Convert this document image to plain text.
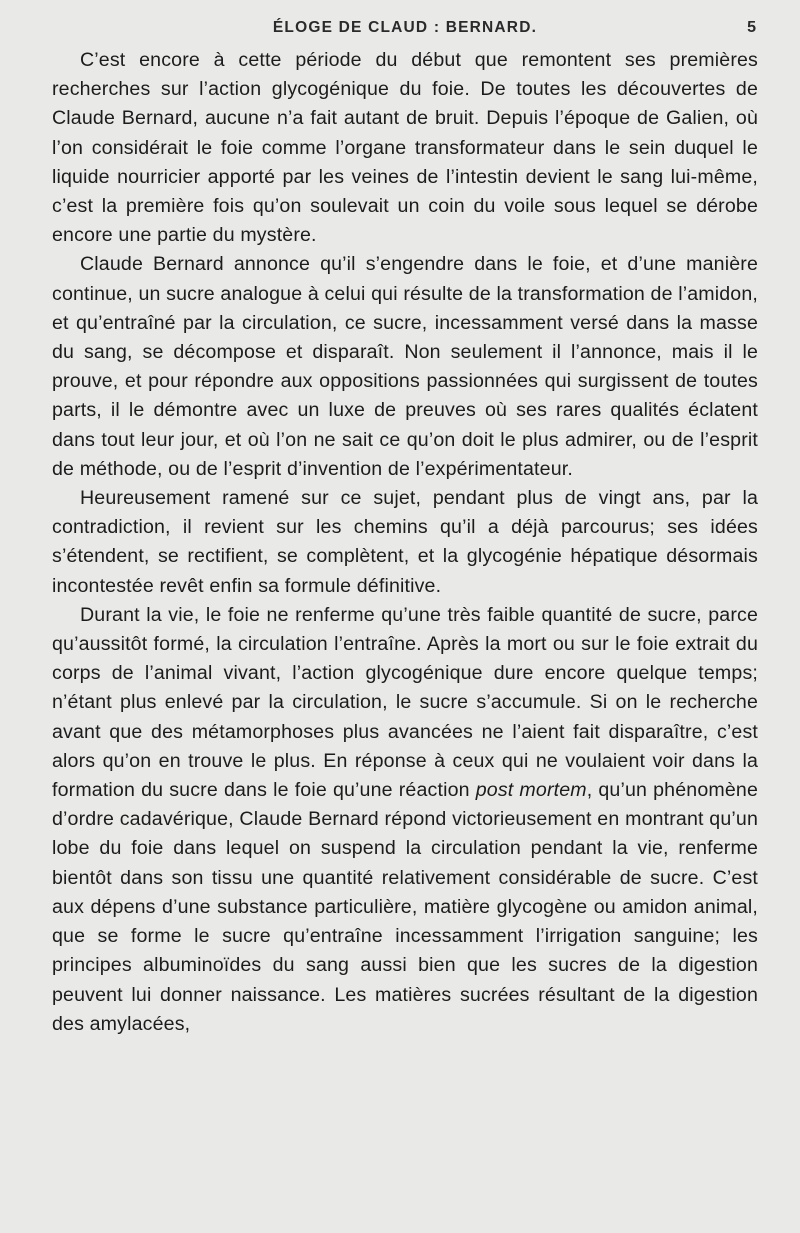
ÉLOGE DE CLAUD : BERNARD.	5

C’est encore à cette période du début que remontent ses premières recherches sur l’action glycogénique du foie. De toutes les découvertes de Claude Bernard, aucune n’a fait autant de bruit. Depuis l’époque de Galien, où l’on considérait le foie comme l’organe transformateur dans le sein duquel le liquide nourricier apporté par les veines de l’intestin devient le sang lui-même, c’est la première fois qu’on soulevait un coin du voile sous lequel se dérobe encore une partie du mystère.

Claude Bernard annonce qu’il s’engendre dans le foie, et d’une manière continue, un sucre analogue à celui qui résulte de la transformation de l’amidon, et qu’entraîné par la circulation, ce sucre, incessamment versé dans la masse du sang, se décompose et disparaît. Non seulement il l’annonce, mais il le prouve, et pour répondre aux oppositions passionnées qui surgissent de toutes parts, il le démontre avec un luxe de preuves où ses rares qualités éclatent dans tout leur jour, et où l’on ne sait ce qu’on doit le plus admirer, ou de l’esprit de méthode, ou de l’esprit d’invention de l’expérimentateur.

Heureusement ramené sur ce sujet, pendant plus de vingt ans, par la contradiction, il revient sur les chemins qu’il a déjà parcourus; ses idées s’étendent, se rectifient, se complètent, et la glycogénie hépatique désormais incontestée revêt enfin sa formule définitive.

Durant la vie, le foie ne renferme qu’une très faible quantité de sucre, parce qu’aussitôt formé, la circulation l’entraîne. Après la mort ou sur le foie extrait du corps de l’animal vivant, l’action glycogénique dure encore quelque temps; n’étant plus enlevé par la circulation, le sucre s’accumule. Si on le recherche avant que des métamorphoses plus avancées ne l’aient fait disparaître, c’est alors qu’on en trouve le plus. En réponse à ceux qui ne voulaient voir dans la formation du sucre dans le foie qu’une réaction post mortem, qu’un phénomène d’ordre cadavérique, Claude Bernard répond victorieusement en montrant qu’un lobe du foie dans lequel on suspend la circulation pendant la vie, renferme bientôt dans son tissu une quantité relativement considérable de sucre. C’est aux dépens d’une substance particulière, matière glycogène ou amidon animal, que se forme le sucre qu’entraîne incessamment l’irrigation sanguine; les principes albuminoïdes du sang aussi bien que les sucres de la digestion peuvent lui donner naissance. Les matières sucrées résultant de la digestion des amylacées,
